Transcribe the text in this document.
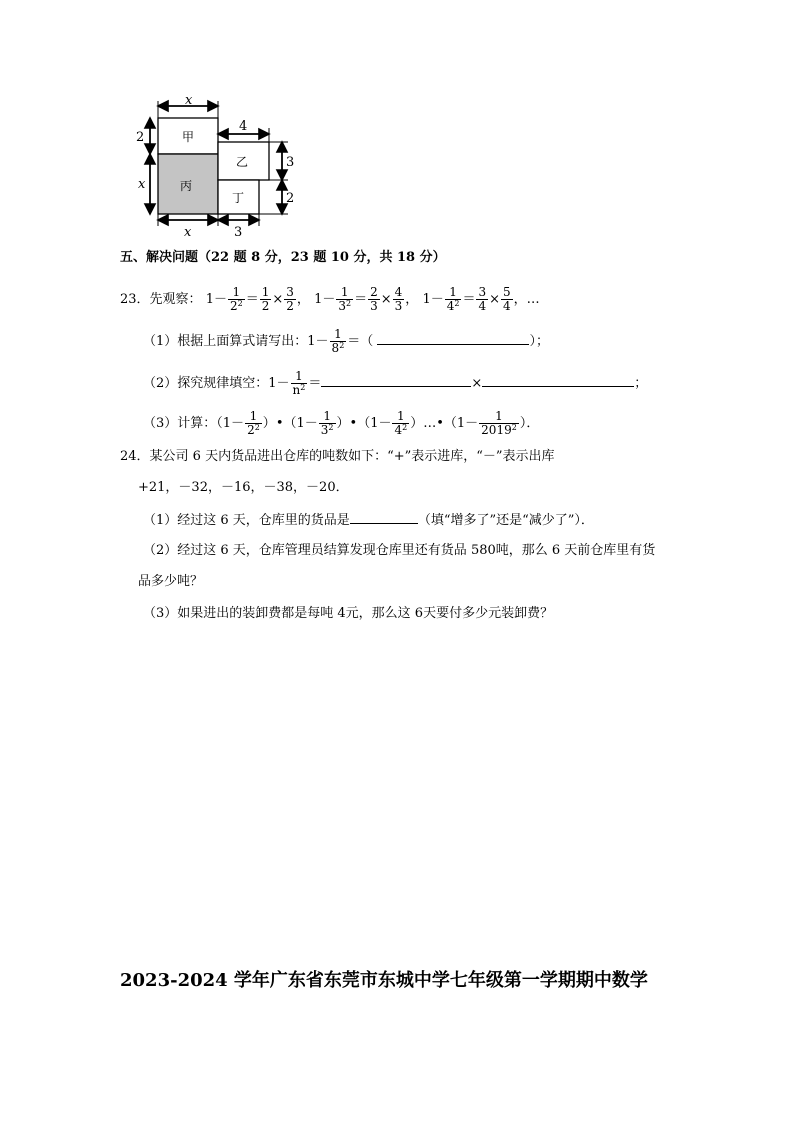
x
2
x
x
甲
丙
乙
丁
4
3
2
3
五、解决问题（22 题 8 分，23 题 10 分，共 18 分）
23．先观察： $1- \frac{1}{2^2} = \frac{1}{2} \times \frac{3}{2}$ ， $1- \frac{1}{3^2} = \frac{2}{3} \times \frac{4}{3}$ ， $1- \frac{1}{4^2} = \frac{3}{4} \times \frac{5}{4}$ ，…
（1）根据上面算式请写出：$1- \frac{1}{8^2}$ ＝（	）；
（2）探究规律填空：$1- \frac{1}{n^2}$ ＝	×	；
（3）计算：（$1- \frac{1}{2^2}$ ）•（1－ $\frac{1}{3^2}$ ）•（1－ $\frac{1}{4^2}$ ）…•（1－ $\frac{1}{2019^2}$ ）．
24．某公司 6 天内货品进出仓库的吨数如下：“+”表示进库，“－”表示出库
+21，－32，－16，－38，－20．
（1）经过这 6 天，仓库里的货品是	（填“增多了”还是“减少了”）．
（2）经过这 6 天，仓库管理员结算发现仓库里还有货品 580吨，那么 6 天前仓库里有货
品多少吨？
（3）如果进出的装卸费都是每吨 4元，那么这 6天要付多少元装卸费？
2023-2024 学年广东省东莞市东城中学七年级第一学期期中数学
